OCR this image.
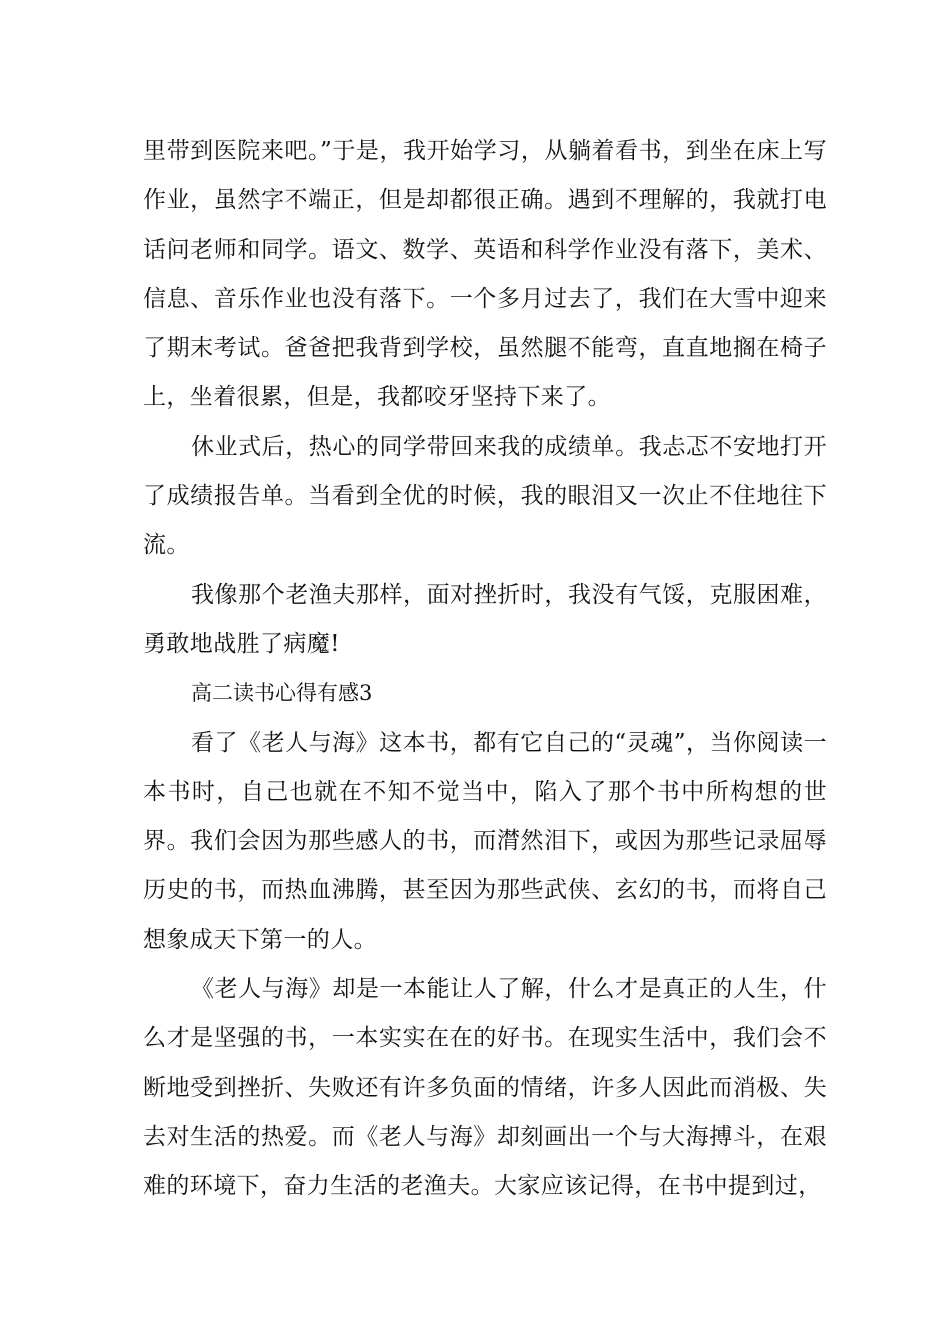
里带到医院来吧。”于是，我开始学习，从躺着看书，到坐在床上写作业，虽然字不端正，但是却都很正确。遇到不理解的，我就打电话问老师和同学。语文、数学、英语和科学作业没有落下，美术、信息、音乐作业也没有落下。一个多月过去了，我们在大雪中迎来了期末考试。爸爸把我背到学校，虽然腿不能弯，直直地搁在椅子上，坐着很累，但是，我都咬牙坚持下来了。

休业式后，热心的同学带回来我的成绩单。我忐忑不安地打开了成绩报告单。当看到全优的时候，我的眼泪又一次止不住地往下流。

我像那个老渔夫那样，面对挫折时，我没有气馁，克服困难，勇敢地战胜了病魔!

高二读书心得有感3

看了《老人与海》这本书，都有它自己的“灵魂”，当你阅读一本书时，自己也就在不知不觉当中，陷入了那个书中所构想的世界。我们会因为那些感人的书，而潸然泪下，或因为那些记录屈辱历史的书，而热血沸腾，甚至因为那些武侠、玄幻的书，而将自己想象成天下第一的人。

《老人与海》却是一本能让人了解，什么才是真正的人生，什么才是坚强的书，一本实实在在的好书。在现实生活中，我们会不断地受到挫折、失败还有许多负面的情绪，许多人因此而消极、失去对生活的热爱。而《老人与海》却刻画出一个与大海搏斗，在艰难的环境下，奋力生活的老渔夫。大家应该记得，在书中提到过，
